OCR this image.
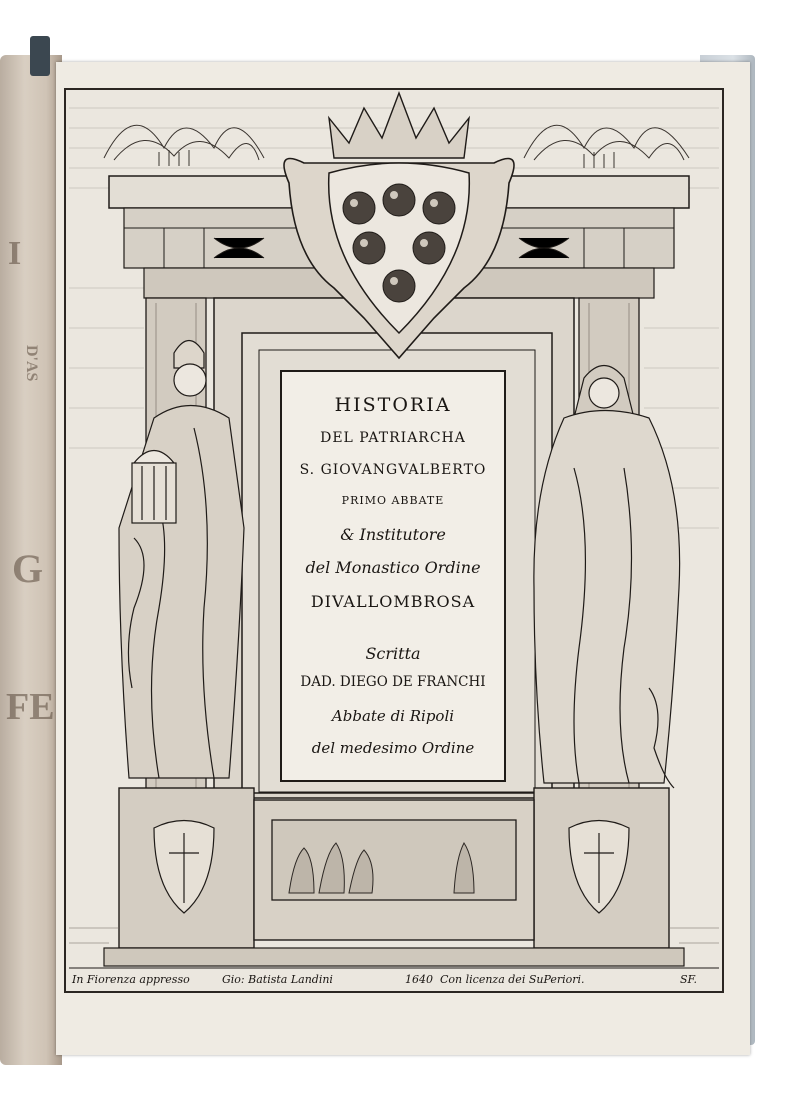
I
D'AS
G
FE
HISTORIA
DEL PATRIARCHA
S. GIOVANGVALBERTO
PRIMO ABBATE
& Institutore
del Monastico Ordine
DIVALLOMBROSA
Scritta
DAD. DIEGO DE FRANCHI
Abbate di Ripoli
del medesimo Ordine
In Fiorenza appresso	Gio: Batista Landini	1640 Con licenza dei SuPeriori.	SF.
